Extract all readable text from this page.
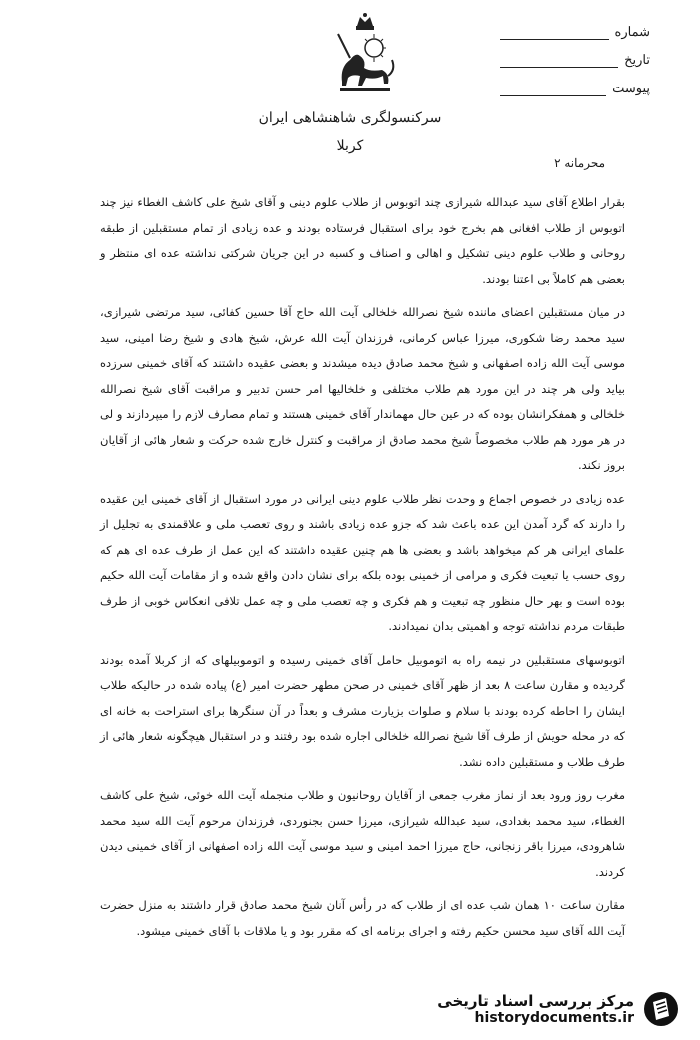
شماره
تاریخ
پیوست
سرکنسولگری شاهنشاهی ایران
کربلا
محرمانه ۲

بقرار اطلاع آقای سید عبدالله شیرازی چند اتوبوس از طلاب علوم دینی و آقای شیخ علی کاشف الغطاء نیز چند اتوبوس از طلاب افغانی هم بخرج خود برای استقبال فرستاده بودند و عده زیادی از تمام مستقبلین از طبقه روحانی و طلاب علوم دینی تشکیل و اهالی و اصناف و کسبه در این جریان شرکتی نداشته عده ای منتظر و بعضی هم کاملاً بی اعتنا بودند.

در میان مستقبلین اعضای ماننده شیخ نصرالله خلخالی آیت الله حاج آقا حسین کفائی، سید مرتضی شیرازی، سید محمد رضا شکوری، میرزا عباس کرمانی، فرزندان آیت الله عرش، شیخ هادی و شیخ رضا امینی، سید موسی آیت الله زاده اصفهانی و شیخ محمد صادق دیده میشدند و بعضی عقیده داشتند که آقای خمینی سرزده بیاید ولی هر چند در این مورد هم طلاب مختلفی و خلخالیها امر حسن تدبیر و مراقبت آقای شیخ نصرالله خلخالی و همفکرانشان بوده که در عین حال مهماندار آقای خمینی هستند و تمام مصارف لازم را میپردازند و لی در هر مورد هم طلاب مخصوصاً شیخ محمد صادق از مراقبت و کنترل خارج شده حرکت و شعار هائی از آقایان بروز نکند.

عده زیادی در خصوص اجماع و وحدت نظر طلاب علوم دینی ایرانی در مورد استقبال از آقای خمینی این عقیده را دارند که گرد آمدن این عده باعث شد که جزو عده زیادی باشند و روی تعصب ملی و علاقمندی به تجلیل از علمای ایرانی هر کم میخواهد باشد و بعضی ها هم چنین عقیده داشتند که این عمل از طرف عده ای هم که روی حسب یا تبعیت فکری و مرامی از خمینی بوده بلکه برای نشان دادن واقع شده و از مقامات آیت الله حکیم بوده است و بهر حال منظور چه تبعیت و هم فکری و چه تعصب ملی و چه عمل تلافی انعکاس خوبی از طرف طبقات مردم نداشته توجه و اهمیتی بدان نمیدادند.

اتوبوسهای مستقبلین در نیمه راه به اتوموبیل حامل آقای خمینی رسیده و اتوموبیلهای که از کربلا آمده بودند گردیده و مقارن ساعت ۸ بعد از ظهر آقای خمینی در صحن مطهر حضرت امیر (ع) پیاده شده در حالیکه طلاب ایشان را احاطه کرده بودند با سلام و صلوات بزیارت مشرف و بعداً در آن سنگرها برای استراحت به خانه ای که در محله حویش از طرف آقا شیخ نصرالله خلخالی اجاره شده بود رفتند و در استقبال هیچگونه شعار هائی از طرف طلاب و مستقبلین داده نشد.

مغرب روز ورود بعد از نماز مغرب جمعی از آقایان روحانیون و طلاب منجمله آیت الله خوئی، شیخ علی کاشف الغطاء، سید محمد بغدادی، سید عبدالله شیرازی، میرزا حسن بجنوردی، فرزندان مرحوم آیت الله سید محمد شاهرودی، میرزا باقر زنجانی، حاج میرزا احمد امینی و سید موسی آیت الله زاده اصفهانی از آقای خمینی دیدن کردند.

مقارن ساعت ۱۰ همان شب عده ای از طلاب که در رأس آنان شیخ محمد صادق قرار داشتند به منزل حضرت آیت الله آقای سید محسن حکیم رفته و اجرای برنامه ای که مقرر بود و یا ملاقات با آقای خمینی میشود.

مرکز بررسی اسناد تاریخی
historydocuments.ir
